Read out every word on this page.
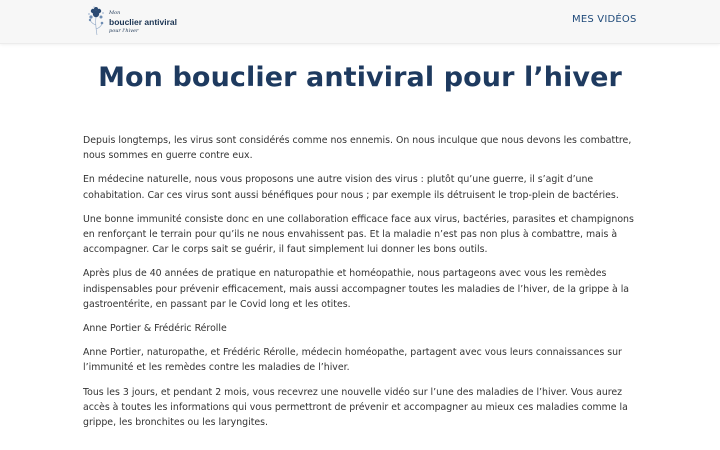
Mon
bouclier antiviral
pour l'hiver
MES VIDÉOS
Mon bouclier antiviral pour l’hiver

Depuis longtemps, les virus sont considérés comme nos ennemis. On nous inculque que nous devons les combattre, nous sommes en guerre contre eux.

En médecine naturelle, nous vous proposons une autre vision des virus : plutôt qu’une guerre, il s’agit d’une cohabitation. Car ces virus sont aussi bénéfiques pour nous ; par exemple ils détruisent le trop-plein de bactéries.

Une bonne immunité consiste donc en une collaboration efficace face aux virus, bactéries, parasites et champignons en renforçant le terrain pour qu’ils ne nous envahissent pas. Et la maladie n’est pas non plus à combattre, mais à accompagner. Car le corps sait se guérir, il faut simplement lui donner les bons outils.

Après plus de 40 années de pratique en naturopathie et homéopathie, nous partageons avec vous les remèdes indispensables pour prévenir efficacement, mais aussi accompagner toutes les maladies de l’hiver, de la grippe à la gastroentérite, en passant par le Covid long et les otites.

Anne Portier & Frédéric Rérolle

Anne Portier, naturopathe, et Frédéric Rérolle, médecin homéopathe, partagent avec vous leurs connaissances sur l’immunité et les remèdes contre les maladies de l’hiver.

Tous les 3 jours, et pendant 2 mois, vous recevrez une nouvelle vidéo sur l’une des maladies de l’hiver. Vous aurez accès à toutes les informations qui vous permettront de prévenir et accompagner au mieux ces maladies comme la grippe, les bronchites ou les laryngites.
